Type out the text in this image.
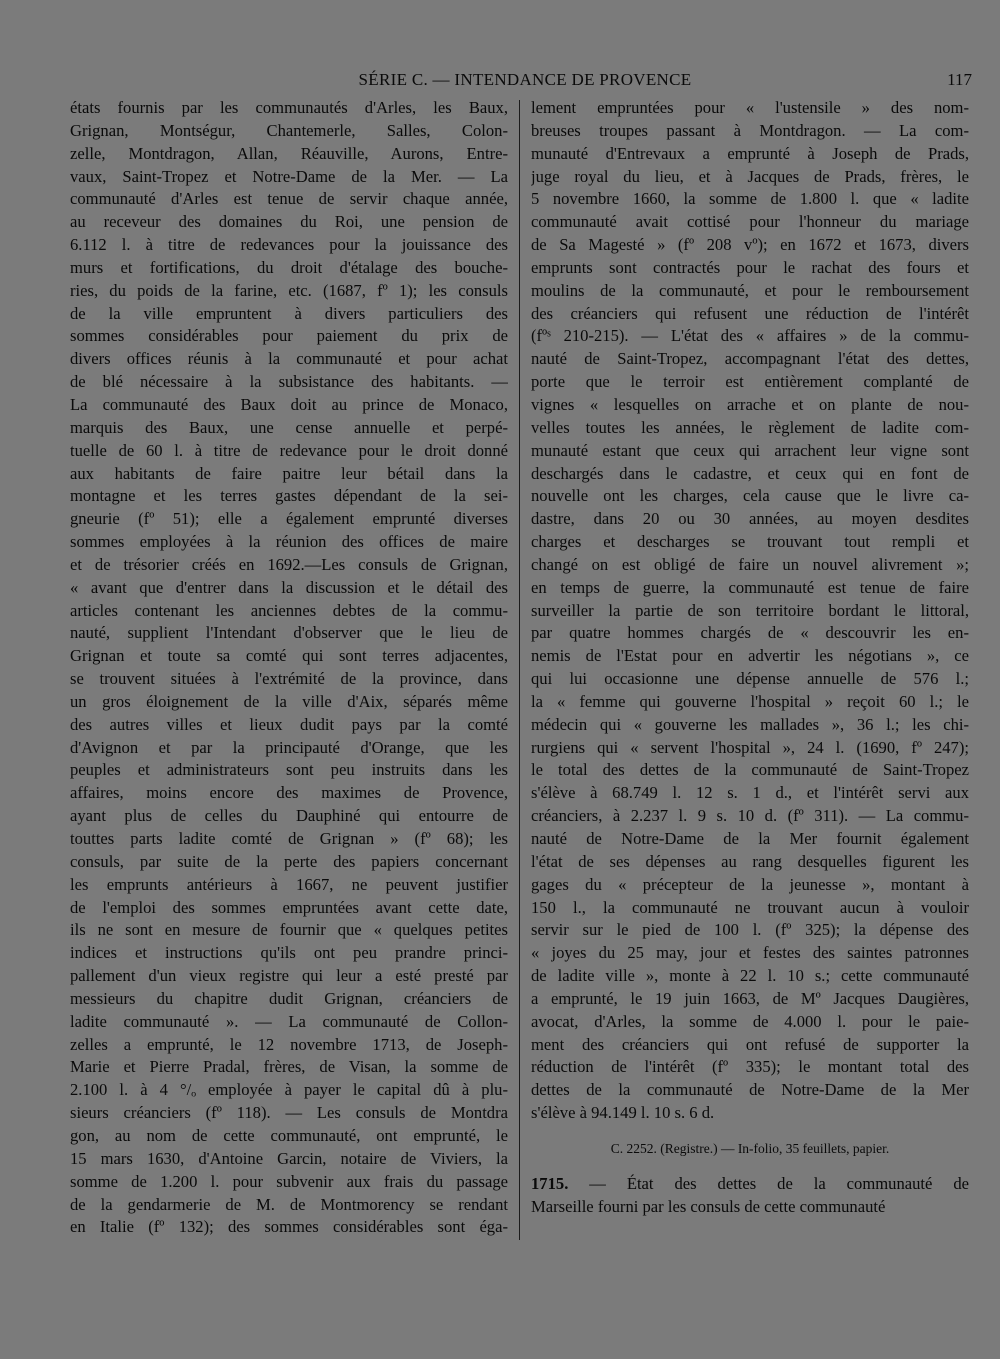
SÉRIE C. — INTENDANCE DE PROVENCE	117
états fournis par les communautés d'Arles, les Baux,
Grignan, Montségur, Chantemerle, Salles, Colon-
zelle, Montdragon, Allan, Réauville, Aurons, Entre-
vaux, Saint-Tropez et Notre-Dame de la Mer. — La
communauté d'Arles est tenue de servir chaque année,
au receveur des domaines du Roi, une pension de
6.112 l. à titre de redevances pour la jouissance des
murs et fortifications, du droit d'étalage des bouche-
ries, du poids de la farine, etc. (1687, fº 1); les consuls
de la ville empruntent à divers particuliers des
sommes considérables pour paiement du prix de
divers offices réunis à la communauté et pour achat
de blé nécessaire à la subsistance des habitants. —
La communauté des Baux doit au prince de Monaco,
marquis des Baux, une cense annuelle et perpé-
tuelle de 60 l. à titre de redevance pour le droit donné
aux habitants de faire paitre leur bétail dans la
montagne et les terres gastes dépendant de la sei-
gneurie (fº 51); elle a également emprunté diverses
sommes employées à la réunion des offices de maire
et de trésorier créés en 1692.—Les consuls de Grignan,
« avant que d'entrer dans la discussion et le détail des
articles contenant les anciennes debtes de la commu-
nauté, supplient l'Intendant d'observer que le lieu de
Grignan et toute sa comté qui sont terres adjacentes,
se trouvent situées à l'extrémité de la province, dans
un gros éloignement de la ville d'Aix, séparés même
des autres villes et lieux dudit pays par la comté
d'Avignon et par la principauté d'Orange, que les
peuples et administrateurs sont peu instruits dans les
affaires, moins encore des maximes de Provence,
ayant plus de celles du Dauphiné qui entourre de
touttes parts ladite comté de Grignan » (fº 68); les
consuls, par suite de la perte des papiers concernant
les emprunts antérieurs à 1667, ne peuvent justifier
de l'emploi des sommes empruntées avant cette date,
ils ne sont en mesure de fournir que « quelques petites
indices et instructions qu'ils ont peu prandre princi-
pallement d'un vieux registre qui leur a esté presté par
messieurs du chapitre dudit Grignan, créanciers de
ladite communauté ». — La communauté de Collon-
zelles a emprunté, le 12 novembre 1713, de Joseph-
Marie et Pierre Pradal, frères, de Visan, la somme de
2.100 l. à 4 °/ₒ employée à payer le capital dû à plu-
sieurs créanciers (fº 118). — Les consuls de Montdra
gon, au nom de cette communauté, ont emprunté, le
15 mars 1630, d'Antoine Garcin, notaire de Viviers, la
somme de 1.200 l. pour subvenir aux frais du passage
de la gendarmerie de M. de Montmorency se rendant
en Italie (fº 132); des sommes considérables sont éga-
lement empruntées pour « l'ustensile » des nom-
breuses troupes passant à Montdragon. — La com-
munauté d'Entrevaux a emprunté à Joseph de Prads,
juge royal du lieu, et à Jacques de Prads, frères, le
5 novembre 1660, la somme de 1.800 l. que « ladite
communauté avait cottisé pour l'honneur du mariage
de Sa Magesté » (fº 208 vº); en 1672 et 1673, divers
emprunts sont contractés pour le rachat des fours et
moulins de la communauté, et pour le remboursement
des créanciers qui refusent une réduction de l'intérêt
(fºˢ 210-215). — L'état des « affaires » de la commu-
nauté de Saint-Tropez, accompagnant l'état des dettes,
porte que le terroir est entièrement complanté de
vignes « lesquelles on arrache et on plante de nou-
velles toutes les années, le règlement de ladite com-
munauté estant que ceux qui arrachent leur vigne sont
deschargés dans le cadastre, et ceux qui en font de
nouvelle ont les charges, cela cause que le livre ca-
dastre, dans 20 ou 30 années, au moyen desdites
charges et descharges se trouvant tout rempli et
changé on est obligé de faire un nouvel alivrement »;
en temps de guerre, la communauté est tenue de faire
surveiller la partie de son territoire bordant le littoral,
par quatre hommes chargés de « descouvrir les en-
nemis de l'Estat pour en advertir les négotians », ce
qui lui occasionne une dépense annuelle de 576 l.;
la « femme qui gouverne l'hospital » reçoit 60 l.; le
médecin qui « gouverne les mallades », 36 l.; les chi-
rurgiens qui « servent l'hospital », 24 l. (1690, fº 247);
le total des dettes de la communauté de Saint-Tropez
s'élève à 68.749 l. 12 s. 1 d., et l'intérêt servi aux
créanciers, à 2.237 l. 9 s. 10 d. (fº 311). — La commu-
nauté de Notre-Dame de la Mer fournit également
l'état de ses dépenses au rang desquelles figurent les
gages du « précepteur de la jeunesse », montant à
150 l., la communauté ne trouvant aucun à vouloir
servir sur le pied de 100 l. (fº 325); la dépense des
« joyes du 25 may, jour et festes des saintes patronnes
de ladite ville », monte à 22 l. 10 s.; cette communauté
a emprunté, le 19 juin 1663, de Mº Jacques Daugières,
avocat, d'Arles, la somme de 4.000 l. pour le paie-
ment des créanciers qui ont refusé de supporter la
réduction de l'intérêt (fº 335); le montant total des
dettes de la communauté de Notre-Dame de la Mer
s'élève à 94.149 l. 10 s. 6 d.
C. 2252. (Registre.) — In-folio, 35 feuillets, papier.
1715. — État des dettes de la communauté de
Marseille fourni par les consuls de cette communauté
